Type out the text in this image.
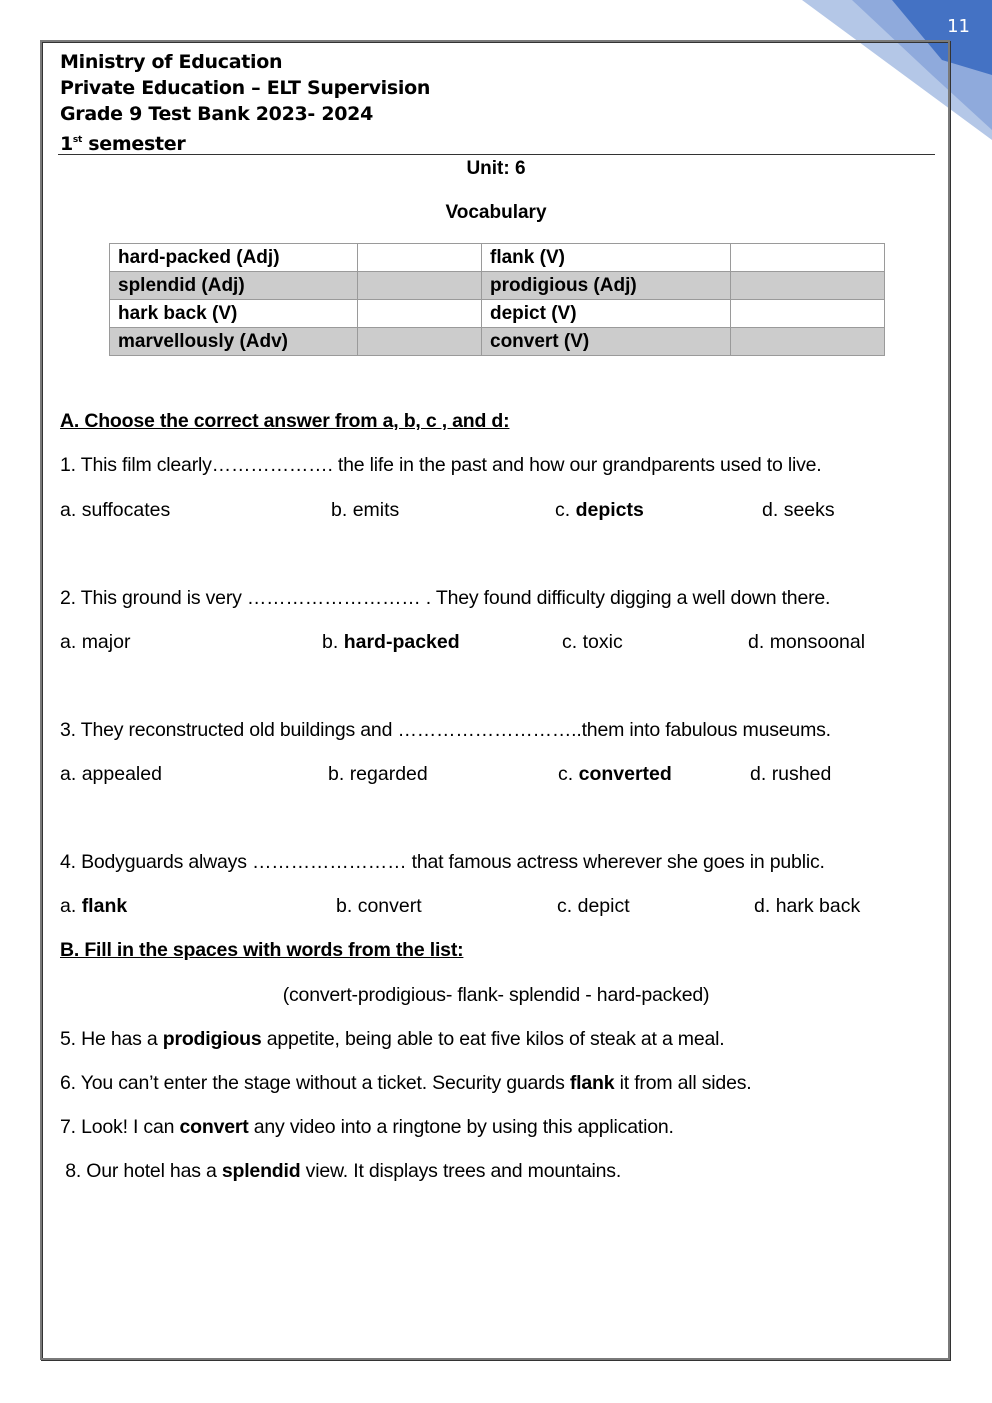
11
Ministry of Education
Private Education – ELT Supervision
Grade 9 Test Bank 2023- 2024
1st semester
Unit: 6
Vocabulary
hard-packed (Adj)		flank (V)	
splendid (Adj)		prodigious (Adj)	
hark back (V)		depict (V)	
marvellously (Adv)		convert (V)	
A. Choose the correct answer from a, b, c , and d:
1. This film clearly………………. the life in the past and how our grandparents used to live.
a. suffocates	b. emits	c. depicts	d. seeks
2. This ground is very ……………………… . They found difficulty digging a well down there.
a. major	b. hard-packed	c. toxic	d. monsoonal
3. They reconstructed old buildings and ………………………..them into fabulous museums.
a. appealed	b. regarded	c. converted	d. rushed
4. Bodyguards always …………………… that famous actress wherever she goes in public.
a. flank	b. convert	c. depict	d. hark back
B. Fill in the spaces with words from the list:
(convert-prodigious- flank- splendid - hard-packed)
5. He has a prodigious appetite, being able to eat five kilos of steak at a meal.
6. You can’t enter the stage without a ticket. Security guards flank it from all sides.
7. Look! I can convert any video into a ringtone by using this application.
8. Our hotel has a splendid view. It displays trees and mountains.
